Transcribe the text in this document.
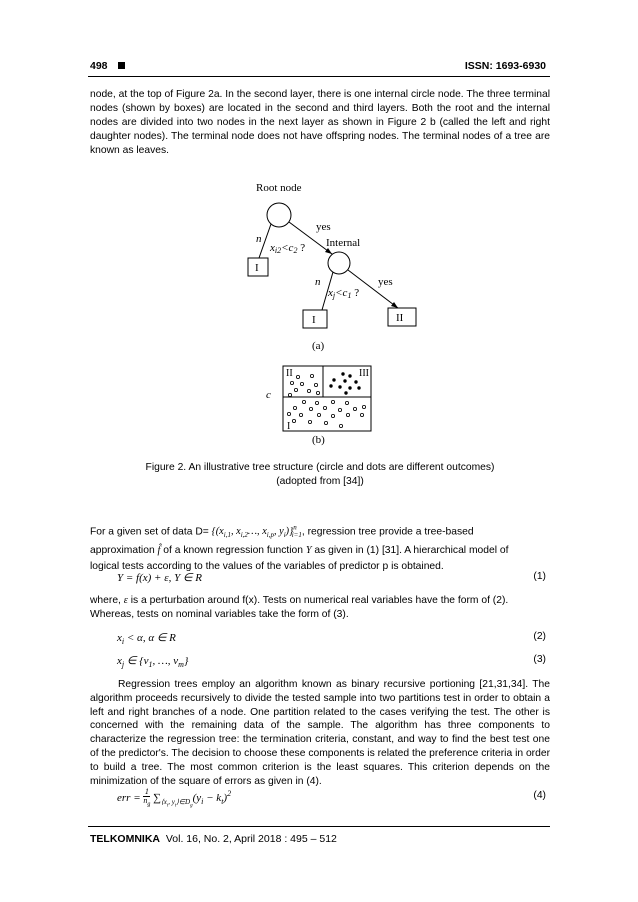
498	ISSN: 1693-6930
node, at the top of Figure 2a. In the second layer, there is one internal circle node. The three terminal nodes (shown by boxes) are located in the second and third layers. Both the root and the internal nodes are divided into two nodes in the next layer as shown in Figure 2 b (called the left and right daughter nodes). The terminal node does not have offspring nodes. The terminal nodes of a tree are known as leaves.
Root node
yes
n
xi2<c2 ? Internal
I
n	yes
xj<c1 ?
I	II
(a)
II	III
I
c
(b)
Figure 2. An illustrative tree structure (circle and dots are different outcomes)
(adopted from [34])
For a given set of data $D= \{(x_{i,1}$, $x_{i,2}\dots$, $x_{i,p}$, $y_i)\}^n_{i=1}$, regression tree provide a tree-based
approximation f̂ of a known regression function Y as given in (1) [31]. A hierarchical model of
logical tests according to the values of the variables of predictor p is obtained.
Y = f(x) + ε, Y ∈ R	(1)
where, ε is a perturbation around f(x). Tests on numerical real variables have the form of (2).
Whereas, tests on nominal variables take the form of (3).
$x_i < \alpha$, α ∈ R	(2)
$x_j$ ∈ {$v_1$, …, $v_m$}	(3)
Regression trees employ an algorithm known as binary recursive portioning [21,31,34]. The algorithm proceeds recursively to divide the tested sample into two partitions test in order to obtain a left and right branches of a node. One partition related to the cases verifying the test. The other is concerned with the remaining data of the sample. The algorithm has three components to characterize the regression tree: the termination criteria, constant, and way to find the best test one of the predictor's. The decision to choose these components is related the preference criteria in order to build a tree. The most common criterion is the least squares. This criterion depends on the minimization of the square of errors as given in (4).
err = $\frac{1}{n_g} \sum_{⟨x_t, y_t⟩\in D_g}(y_i - k_t)^2$	(4)
TELKOMNIKA Vol. 16, No. 2, April 2018 : 495 – 512
